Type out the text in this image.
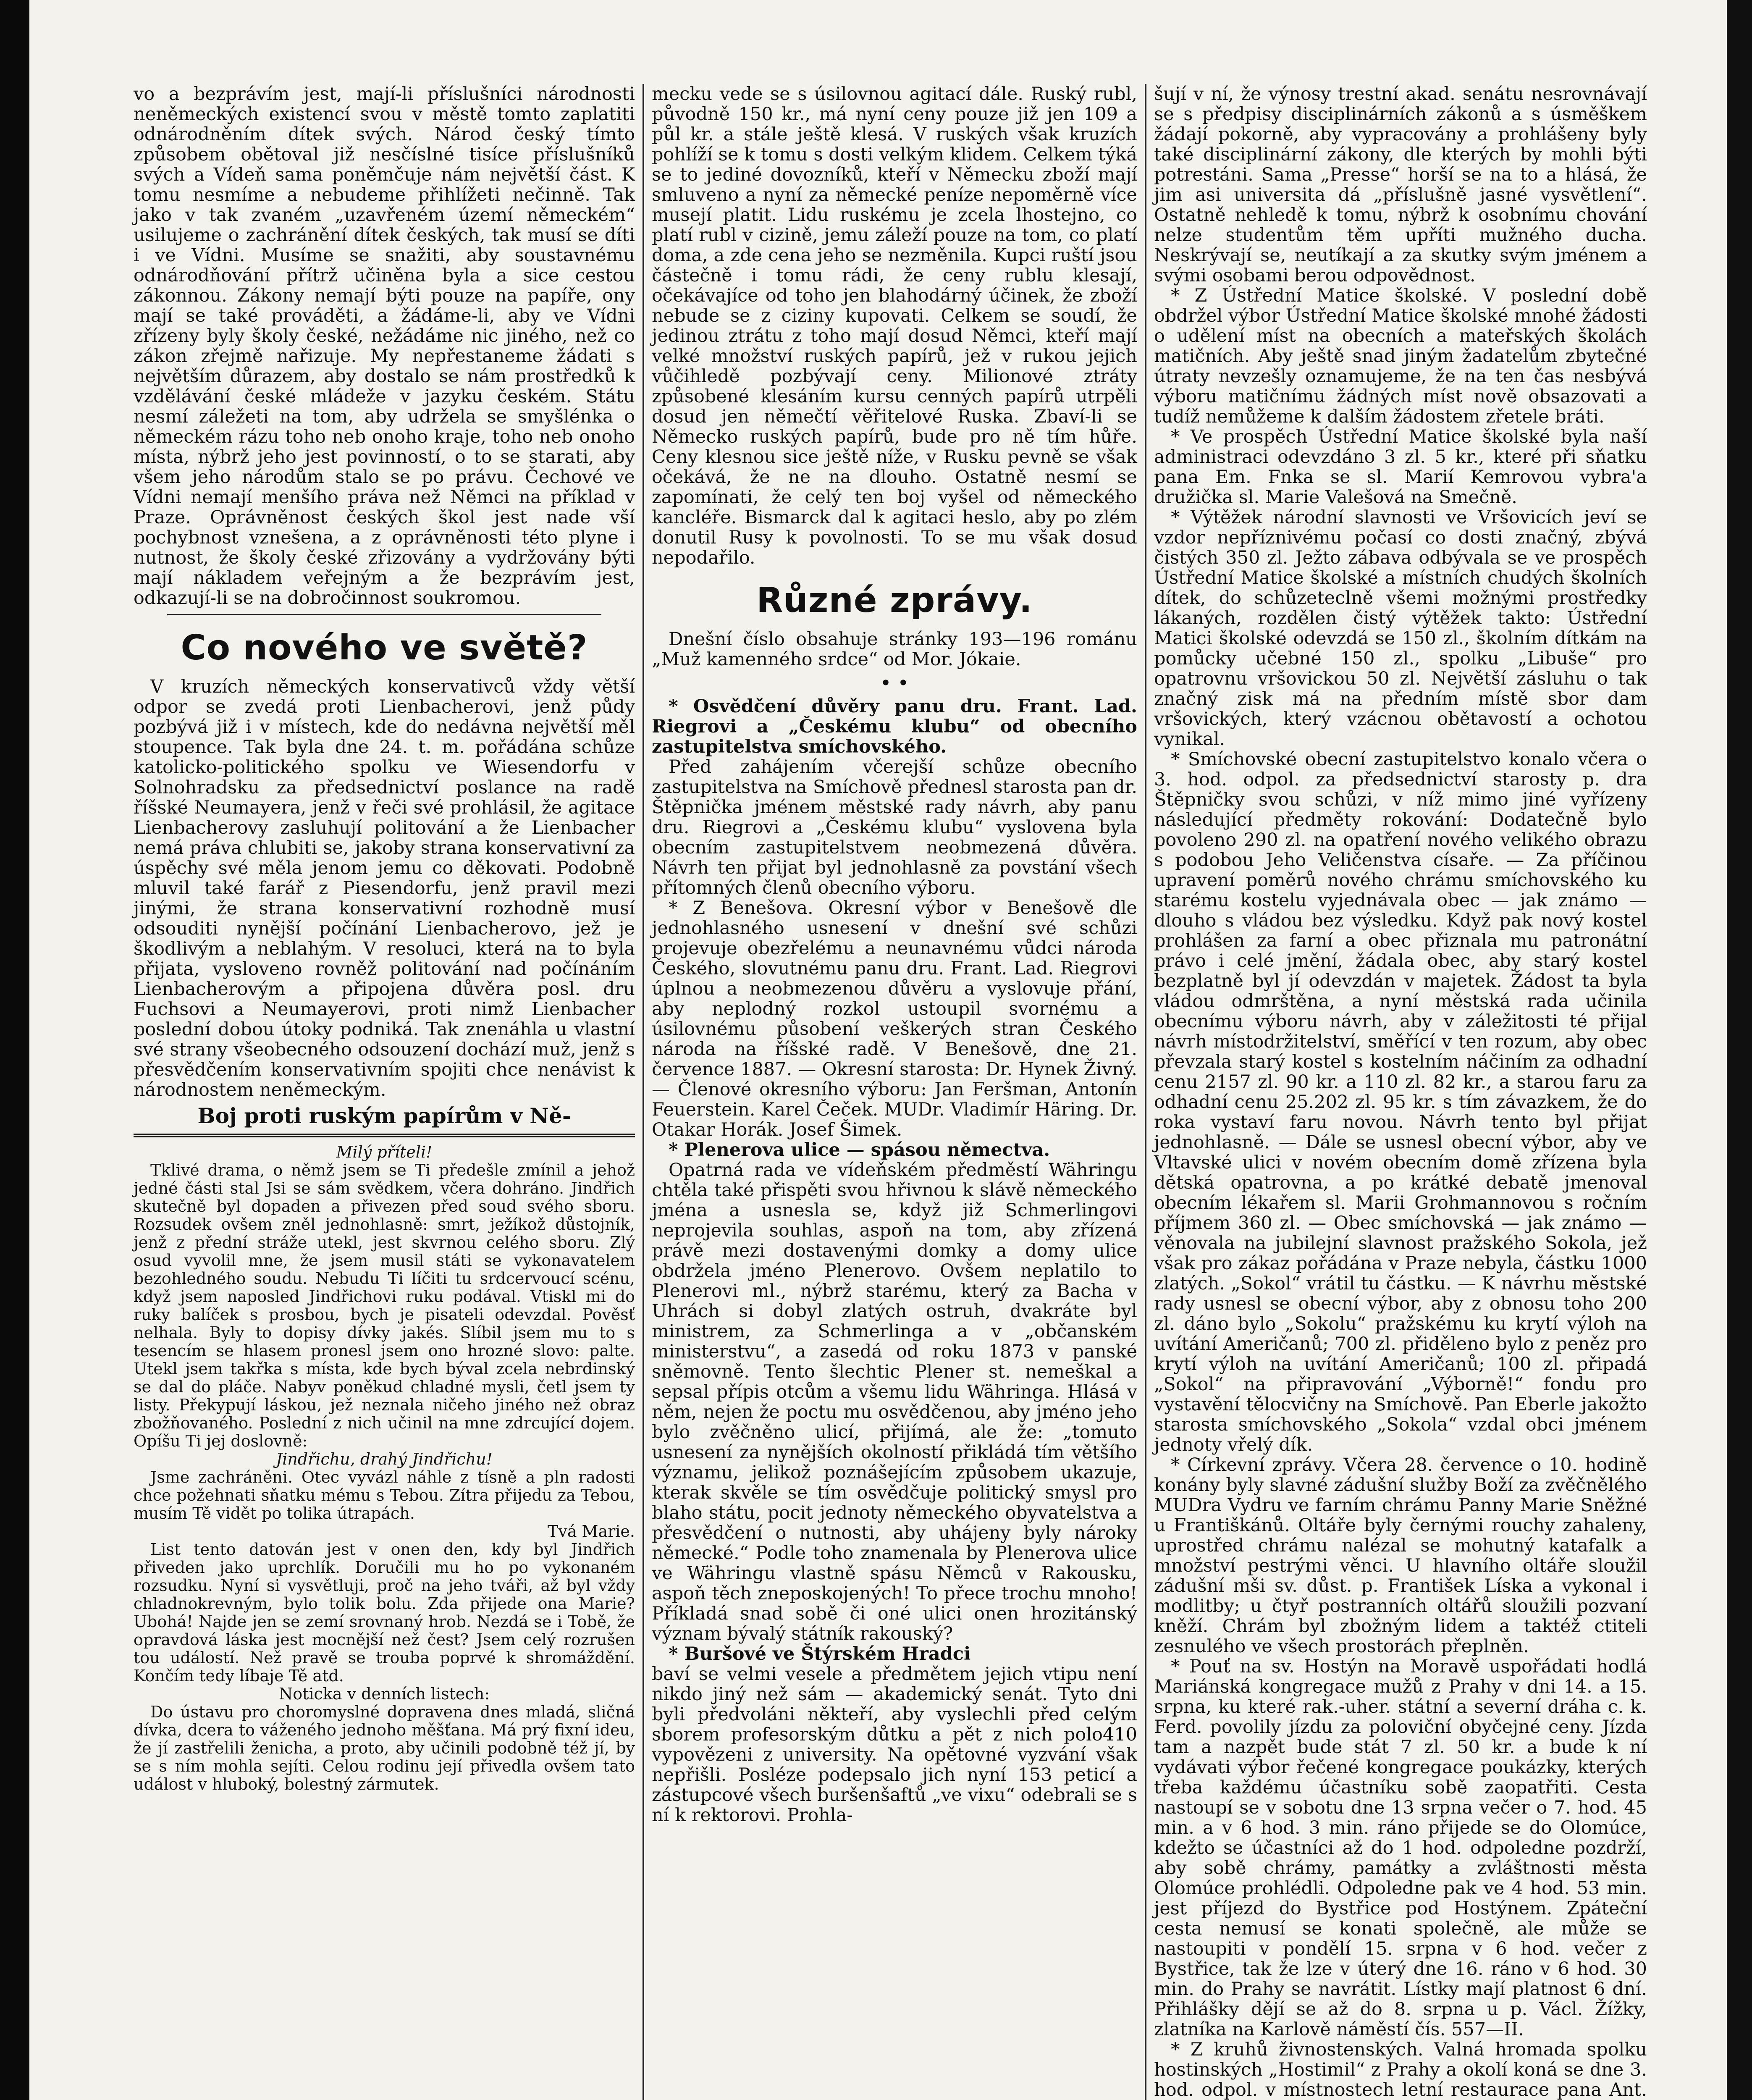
vo a bezprávím jest, mají-li příslušníci národnosti neněmeckých existencí svou v městě tomto zaplatiti odnárodněním dítek svých. Národ český tímto způsobem obětoval již nesčíslné tisíce příslušníků svých a Vídeň sama poněmčuje nám největší část. K tomu nesmíme a nebudeme přihlížeti nečinně. Tak jako v tak zvaném „uzavřeném území německém“ usilujeme o zachránění dítek českých, tak musí se díti i ve Vídni. Musíme se snažiti, aby soustavnému odnárodňování přítrž učiněna byla a sice cestou zákonnou. Zákony nemají býti pouze na papíře, ony mají se také prováděti, a žádáme-li, aby ve Vídni zřízeny byly školy české, nežádáme nic jiného, než co zákon zřejmě nařizuje. My nepřestaneme žádati s největším důrazem, aby dostalo se nám prostředků k vzdělávání české mládeže v jazyku českém. Státu nesmí záležeti na tom, aby udržela se smyšlénka o německém rázu toho neb onoho kraje, toho neb onoho místa, nýbrž jeho jest povinností, o to se starati, aby všem jeho národům stalo se po právu. Čechové ve Vídni nemají menšího práva než Němci na příklad v Praze. Oprávněnost českých škol jest nade vší pochybnost vznešena, a z oprávněnosti této plyne i nutnost, že školy české zřizovány a vydržovány býti mají nákladem veřejným a že bezprávím jest, odkazují-li se na dobročinnost soukromou.

Co nového ve světě?

V kruzích německých konservativců vždy větší odpor se zvedá proti Lienbacherovi, jenž půdy pozbývá již i v místech, kde do nedávna největší měl stoupence. Tak byla dne 24. t. m. pořádána schůze katolicko-politického spolku ve Wiesendorfu v Solnohradsku za předsednictví poslance na radě říšské Neumayera, jenž v řeči své prohlásil, že agitace Lienbacherovy zasluhují politování a že Lienbacher nemá práva chlubiti se, jakoby strana konservativní za úspěchy své měla jenom jemu co děkovati. Podobně mluvil také farář z Piesendorfu, jenž pravil mezi jinými, že strana konservativní rozhodně musí odsouditi nynější počínání Lienbacherovo, jež je škodlivým a neblahým. V resoluci, která na to byla přijata, vysloveno rovněž politování nad počínáním Lienbacherovým a připojena důvěra posl. dru Fuchsovi a Neumayerovi, proti nimž Lienbacher poslední dobou útoky podniká. Tak znenáhla u vlastní své strany všeobecného odsouzení dochází muž, jenž s přesvědčením konservativním spojiti chce nenávist k národnostem neněmeckým.

Boj proti ruským papírům v Ně-

Milý příteli!

Tklivé drama, o němž jsem se Ti předešle zmínil a jehož jedné části stal Jsi se sám svědkem, včera dohráno. Jindřich skutečně byl dopaden a přivezen před soud svého sboru. Rozsudek ovšem zněl jednohlasně: smrt, ježíkož důstojník, jenž z přední stráže utekl, jest skvrnou celého sboru. Zlý osud vyvolil mne, že jsem musil státi se vykonavatelem bezohledného soudu. Nebudu Ti líčiti tu srdcervoucí scénu, když jsem naposled Jindřichovi ruku podával. Vtiskl mi do ruky balíček s prosbou, bych je pisateli odevzdal. Pověsť nelhala. Byly to dopisy dívky jakés. Slíbil jsem mu to s tesencím se hlasem pronesl jsem ono hrozné slovo: palte. Utekl jsem takřka s místa, kde bych býval zcela nebrdinský se dal do pláče. Nabyv poněkud chladné mysli, četl jsem ty listy. Překypují láskou, jež neznala ničeho jiného než obraz zbožňovaného. Poslední z nich učinil na mne zdrcující dojem. Opíšu Ti jej doslovně:

Jindřichu, drahý Jindřichu!

Jsme zachráněni. Otec vyvázl náhle z tísně a pln radosti chce požehnati sňatku mému s Tebou. Zítra přijedu za Tebou, musím Tě vidět po tolika útrapách.

Tvá Marie.

List tento datován jest v onen den, kdy byl Jindřich přiveden jako uprchlík. Doručili mu ho po vykonaném rozsudku. Nyní si vysvětluji, proč na jeho tváři, až byl vždy chladnokrevným, bylo tolik bolu. Zda přijede ona Marie? Ubohá! Najde jen se zemí srovnaný hrob. Nezdá se i Tobě, že opravdová láska jest mocnější než čest? Jsem celý rozrušen tou událostí. Než pravě se trouba poprvé k shromáždění. Končím tedy líbaje Tě atd.

Noticka v denních listech:

Do ústavu pro choromyslné dopravena dnes mladá, sličná dívka, dcera to váženého jednoho měšťana. Má prý fixní ideu, že jí zastřelili ženicha, a proto, aby učinili podobně též jí, by se s ním mohla sejíti. Celou rodinu její přivedla ovšem tato událost v hluboký, bolestný zármutek.

mecku vede se s úsilovnou agitací dále. Ruský rubl, původně 150 kr., má nyní ceny pouze již jen 109 a půl kr. a stále ještě klesá. V ruských však kruzích pohlíží se k tomu s dosti velkým klidem. Celkem týká se to jediné dovozníků, kteří v Německu zboží mají smluveno a nyní za německé peníze nepoměrně více musejí platit. Lidu ruskému je zcela lhostejno, co platí rubl v cizině, jemu záleží pouze na tom, co platí doma, a zde cena jeho se nezměnila. Kupci ruští jsou částečně i tomu rádi, že ceny rublu klesají, očekávajíce od toho jen blahodárný účinek, že zboží nebude se z ciziny kupovati. Celkem se soudí, že jedinou ztrátu z toho mají dosud Němci, kteří mají velké množství ruských papírů, jež v rukou jejich vůčihledě pozbývají ceny. Milionové ztráty způsobené klesáním kursu cenných papírů utrpěli dosud jen němečtí věřitelové Ruska. Zbaví-li se Německo ruských papírů, bude pro ně tím hůře. Ceny klesnou sice ještě níže, v Rusku pevně se však očekává, že ne na dlouho. Ostatně nesmí se zapomínati, že celý ten boj vyšel od německého kancléře. Bismarck dal k agitaci heslo, aby po zlém donutil Rusy k povolnosti. To se mu však dosud nepodařilo.

Různé zprávy.

Dnešní číslo obsahuje stránky 193—196 románu „Muž kamenného srdce“ od Mor. Jókaie.

• •

* Osvědčení důvěry panu dru. Frant. Lad. Riegrovi a „Českému klubu“ od obecního zastupitelstva smíchovského.

Před zahájením včerejší schůze obecního zastupitelstva na Smíchově přednesl starosta pan dr. Štěpnička jménem městské rady návrh, aby panu dru. Riegrovi a „Českému klubu“ vyslovena byla obecním zastupitelstvem neobmezená důvěra. Návrh ten přijat byl jednohlasně za povstání všech přítomných členů obecního výboru.

* Z Benešova. Okresní výbor v Benešově dle jednohlasného usnesení v dnešní své schůzi projevuje obezřelému a neunavnému vůdci národa Českého, slovutnému panu dru. Frant. Lad. Riegrovi úplnou a neobmezenou důvěru a vyslovuje přání, aby neplodný rozkol ustoupil svornému a úsilovnému působení veškerých stran Českého národa na říšské radě. V Benešově, dne 21. července 1887. — Okresní starosta: Dr. Hynek Živný. — Členové okresního výboru: Jan Feršman, Antonín Feuerstein. Karel Čeček. MUDr. Vladimír Häring. Dr. Otakar Horák. Josef Šimek.

* Plenerova ulice — spásou němectva.

Opatrná rada ve vídeňském předměstí Währingu chtěla také přispěti svou hřivnou k slávě německého jména a usnesla se, když již Schmerlingovi neprojevila souhlas, aspoň na tom, aby zřízená právě mezi dostavenými domky a domy ulice obdržela jméno Plenerovo. Ovšem neplatilo to Plenerovi ml., nýbrž starému, který za Bacha v Uhrách si dobyl zlatých ostruh, dvakráte byl ministrem, za Schmerlinga a v „občanském ministerstvu“, a zasedá od roku 1873 v panské sněmovně. Tento šlechtic Plener st. nemeškal a sepsal přípis otcům a všemu lidu Währinga. Hlásá v něm, nejen že poctu mu osvědčenou, aby jméno jeho bylo zvěčněno ulicí, přijímá, ale že: „tomuto usnesení za nynějších okolností přikládá tím většího významu, jelikož poznášejícím způsobem ukazuje, kterak skvěle se tím osvědčuje politický smysl pro blaho státu, pocit jednoty německého obyvatelstva a přesvědčení o nutnosti, aby uhájeny byly nároky německé.“ Podle toho znamenala by Plenerova ulice ve Währingu vlastně spásu Němců v Rakousku, aspoň těch zneposkojených! To přece trochu mnoho! Příkladá snad sobě či oné ulici onen hrozitánský význam bývalý státník rakouský?

* Buršové ve Štýrském Hradci

baví se velmi vesele a předmětem jejich vtipu není nikdo jiný než sám — akademický senát. Tyto dni byli předvoláni někteří, aby vyslechli před celým sborem profesorským důtku a pět z nich polo410 vypovězeni z university. Na opětovné vyzvání však nepřišli. Posléze podepsalo jich nyní 153 peticí a zástupcové všech buršenšaftů „ve vixu“ odebrali se s ní k rektorovi. Prohla-

šují v ní, že výnosy trestní akad. senátu nesrovnávají se s předpisy disciplinárních zákonů a s úsměškem žádají pokorně, aby vypracovány a prohlášeny byly také disciplinární zákony, dle kterých by mohli býti potrestáni. Sama „Presse“ horší se na to a hlásá, že jim asi universita dá „příslušně jasné vysvětlení“. Ostatně nehledě k tomu, nýbrž k osobnímu chování nelze studentům těm upříti mužného ducha. Neskrývají se, neutíkají a za skutky svým jménem a svými osobami berou odpovědnost.

* Z Ústřední Matice školské. V poslední době obdržel výbor Ústřední Matice školské mnohé žádosti o udělení míst na obecních a mateřských školách matičních. Aby ještě snad jiným žadatelům zbytečné útraty nevzešly oznamujeme, že na ten čas nesbývá výboru matičnímu žádných míst nově obsazovati a tudíž nemůžeme k dalším žádostem zřetele bráti.

* Ve prospěch Ústřední Matice školské byla naší administraci odevzdáno 3 zl. 5 kr., které při sňatku pana Em. Fnka se sl. Marií Kemrovou vybra'a družička sl. Marie Valešová na Smečně.

* Výtěžek národní slavnosti ve Vršovicích jeví se vzdor nepříznivému počasí co dosti značný, zbývá čistých 350 zl. Ježto zábava odbývala se ve prospěch Ústřední Matice školské a místních chudých školních dítek, do schůzeteclně všemi možnými prostředky lákaných, rozdělen čistý výtěžek takto: Ústřední Matici školské odevzdá se 150 zl., školním dítkám na pomůcky učebné 150 zl., spolku „Libuše“ pro opatrovnu vršovickou 50 zl. Největší zásluhu o tak značný zisk má na předním místě sbor dam vršovických, který vzácnou obětavostí a ochotou vynikal.

* Smíchovské obecní zastupitelstvo konalo včera o 3. hod. odpol. za předsednictví starosty p. dra Štěpničky svou schůzi, v níž mimo jiné vyřízeny následující předměty rokování: Dodatečně bylo povoleno 290 zl. na opatření nového velikého obrazu s podobou Jeho Veličenstva císaře. — Za příčinou upravení poměrů nového chrámu smíchovského ku starému kostelu vyjednávala obec — jak známo — dlouho s vládou bez výsledku. Když pak nový kostel prohlášen za farní a obec přiznala mu patronátní právo i celé jmění, žádala obec, aby starý kostel bezplatně byl jí odevzdán v majetek. Žádost ta byla vládou odmrštěna, a nyní městská rada učinila obecnímu výboru návrh, aby v záležitosti té přijal návrh místodržitelství, směřící v ten rozum, aby obec převzala starý kostel s kostelním náčiním za odhadní cenu 2157 zl. 90 kr. a 110 zl. 82 kr., a starou faru za odhadní cenu 25.202 zl. 95 kr. s tím závazkem, že do roka vystaví faru novou. Návrh tento byl přijat jednohlasně. — Dále se usnesl obecní výbor, aby ve Vltavské ulici v novém obecním domě zřízena byla dětská opatrovna, a po krátké debatě jmenoval obecním lékařem sl. Marii Grohmannovou s ročním příjmem 360 zl. — Obec smíchovská — jak známo — věnovala na jubilejní slavnost pražského Sokola, jež však pro zákaz pořádána v Praze nebyla, částku 1000 zlatých. „Sokol“ vrátil tu částku. — K návrhu městské rady usnesl se obecní výbor, aby z obnosu toho 200 zl. dáno bylo „Sokolu“ pražskému ku krytí výloh na uvítání Američanů; 700 zl. přiděleno bylo z peněz pro krytí výloh na uvítání Američanů; 100 zl. připadá „Sokol“ na připravování „Výborně!“ fondu pro vystavění tělocvičny na Smíchově. Pan Eberle jakožto starosta smíchovského „Sokola“ vzdal obci jménem jednoty vřelý dík.

* Církevní zprávy. Včera 28. července o 10. hodině konány byly slavné zádušní služby Boží za zvěčnělého MUDra Vydru ve farním chrámu Panny Marie Sněžné u Františkánů. Oltáře byly černými rouchy zahaleny, uprostřed chrámu nalézal se mohutný katafalk a množství pestrými věnci. U hlavního oltáře sloužil zádušní mši sv. důst. p. František Líska a vykonal i modlitby; u čtyř postranních oltářů sloužili pozvaní kněží. Chrám byl zbožným lidem a taktéž ctiteli zesnulého ve všech prostorách přeplněn.

* Pouť na sv. Hostýn na Moravě uspořádati hodlá Mariánská kongregace mužů z Prahy v dni 14. a 15. srpna, ku které rak.-uher. státní a severní dráha c. k. Ferd. povolily jízdu za poloviční obyčejné ceny. Jízda tam a nazpět bude stát 7 zl. 50 kr. a bude k ní vydávati výbor řečené kongregace poukázky, kterých třeba každému účastníku sobě zaopatřiti. Cesta nastoupí se v sobotu dne 13 srpna večer o 7. hod. 45 min. a v 6 hod. 3 min. ráno přijede se do Olomúce, kdežto se účastníci až do 1 hod. odpoledne pozdrží, aby sobě chrámy, památky a zvláštnosti města Olomúce prohlédli. Odpoledne pak ve 4 hod. 53 min. jest příjezd do Bystřice pod Hostýnem. Zpáteční cesta nemusí se konati společně, ale může se nastoupiti v pondělí 15. srpna v 6 hod. večer z Bystřice, tak že lze v úterý dne 16. ráno v 6 hod. 30 min. do Prahy se navrátit. Lístky mají platnost 6 dní. Přihlášky dějí se až do 8. srpna u p. Václ. Žížky, zlatníka na Karlově náměstí čís. 557—II.

* Z kruhů živnostenských. Valná hromada spolku hostinských „Hostimil“ z Prahy a okolí koná se dne 3. hod. odpol. v místnostech letní restaurace pana Ant.
